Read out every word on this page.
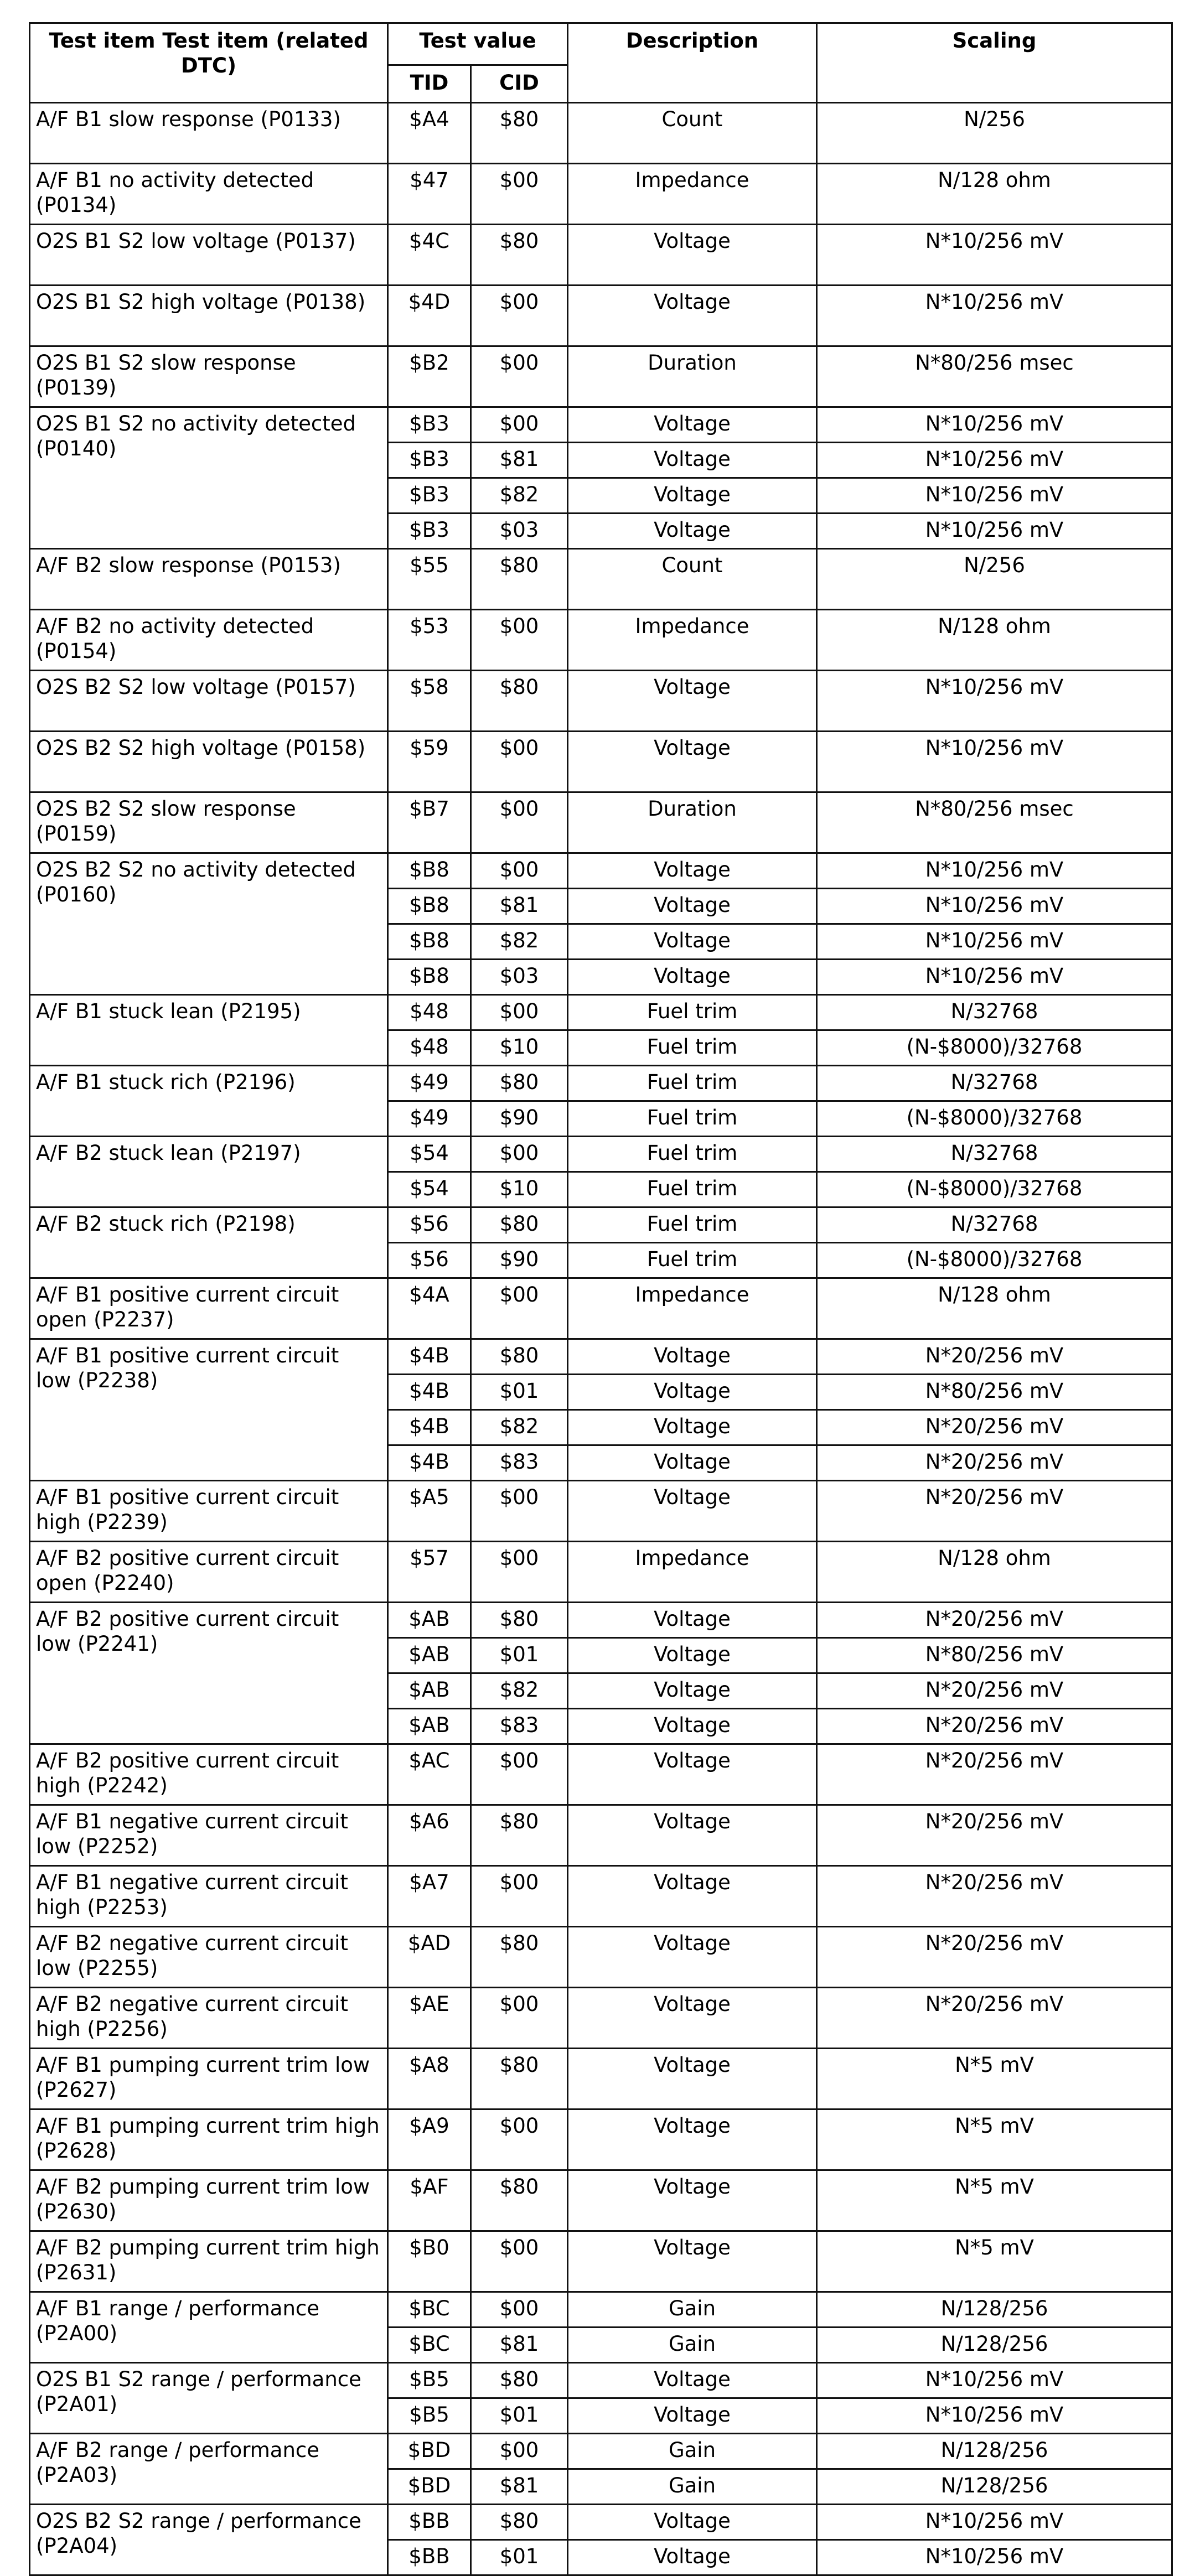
Test item Test item (related DTC)	Test value		Description	Scaling
	TID	CID		
A/F B1 slow response (P0133)	$A4	$80	Count	N/256
A/F B1 no activity detected (P0134)	$47	$00	Impedance	N/128 ohm
O2S B1 S2 low voltage (P0137)	$4C	$80	Voltage	N*10/256 mV
O2S B1 S2 high voltage (P0138)	$4D	$00	Voltage	N*10/256 mV
O2S B1 S2 slow response (P0139)	$B2	$00	Duration	N*80/256 msec
O2S B1 S2 no activity detected (P0140)	$B3	$00	Voltage	N*10/256 mV
	$B3	$81	Voltage	N*10/256 mV
	$B3	$82	Voltage	N*10/256 mV
	$B3	$03	Voltage	N*10/256 mV
A/F B2 slow response (P0153)	$55	$80	Count	N/256
A/F B2 no activity detected (P0154)	$53	$00	Impedance	N/128 ohm
O2S B2 S2 low voltage (P0157)	$58	$80	Voltage	N*10/256 mV
O2S B2 S2 high voltage (P0158)	$59	$00	Voltage	N*10/256 mV
O2S B2 S2 slow response (P0159)	$B7	$00	Duration	N*80/256 msec
O2S B2 S2 no activity detected (P0160)	$B8	$00	Voltage	N*10/256 mV
	$B8	$81	Voltage	N*10/256 mV
	$B8	$82	Voltage	N*10/256 mV
	$B8	$03	Voltage	N*10/256 mV
A/F B1 stuck lean (P2195)	$48	$00	Fuel trim	N/32768
	$48	$10	Fuel trim	(N-$8000)/32768
A/F B1 stuck rich (P2196)	$49	$80	Fuel trim	N/32768
	$49	$90	Fuel trim	(N-$8000)/32768
A/F B2 stuck lean (P2197)	$54	$00	Fuel trim	N/32768
	$54	$10	Fuel trim	(N-$8000)/32768
A/F B2 stuck rich (P2198)	$56	$80	Fuel trim	N/32768
	$56	$90	Fuel trim	(N-$8000)/32768
A/F B1 positive current circuit open (P2237)	$4A	$00	Impedance	N/128 ohm
A/F B1 positive current circuit low (P2238)	$4B	$80	Voltage	N*20/256 mV
	$4B	$01	Voltage	N*80/256 mV
	$4B	$82	Voltage	N*20/256 mV
	$4B	$83	Voltage	N*20/256 mV
A/F B1 positive current circuit high (P2239)	$A5	$00	Voltage	N*20/256 mV
A/F B2 positive current circuit open (P2240)	$57	$00	Impedance	N/128 ohm
A/F B2 positive current circuit low (P2241)	$AB	$80	Voltage	N*20/256 mV
	$AB	$01	Voltage	N*80/256 mV
	$AB	$82	Voltage	N*20/256 mV
	$AB	$83	Voltage	N*20/256 mV
A/F B2 positive current circuit high (P2242)	$AC	$00	Voltage	N*20/256 mV
A/F B1 negative current circuit low (P2252)	$A6	$80	Voltage	N*20/256 mV
A/F B1 negative current circuit high (P2253)	$A7	$00	Voltage	N*20/256 mV
A/F B2 negative current circuit low (P2255)	$AD	$80	Voltage	N*20/256 mV
A/F B2 negative current circuit high (P2256)	$AE	$00	Voltage	N*20/256 mV
A/F B1 pumping current trim low (P2627)	$A8	$80	Voltage	N*5 mV
A/F B1 pumping current trim high (P2628)	$A9	$00	Voltage	N*5 mV
A/F B2 pumping current trim low (P2630)	$AF	$80	Voltage	N*5 mV
A/F B2 pumping current trim high (P2631)	$B0	$00	Voltage	N*5 mV
A/F B1 range / performance (P2A00)	$BC	$00	Gain	N/128/256
	$BC	$81	Gain	N/128/256
O2S B1 S2 range / performance (P2A01)	$B5	$80	Voltage	N*10/256 mV
	$B5	$01	Voltage	N*10/256 mV
A/F B2 range / performance (P2A03)	$BD	$00	Gain	N/128/256
	$BD	$81	Gain	N/128/256
O2S B2 S2 range / performance (P2A04)	$BB	$80	Voltage	N*10/256 mV
	$BB	$01	Voltage	N*10/256 mV
